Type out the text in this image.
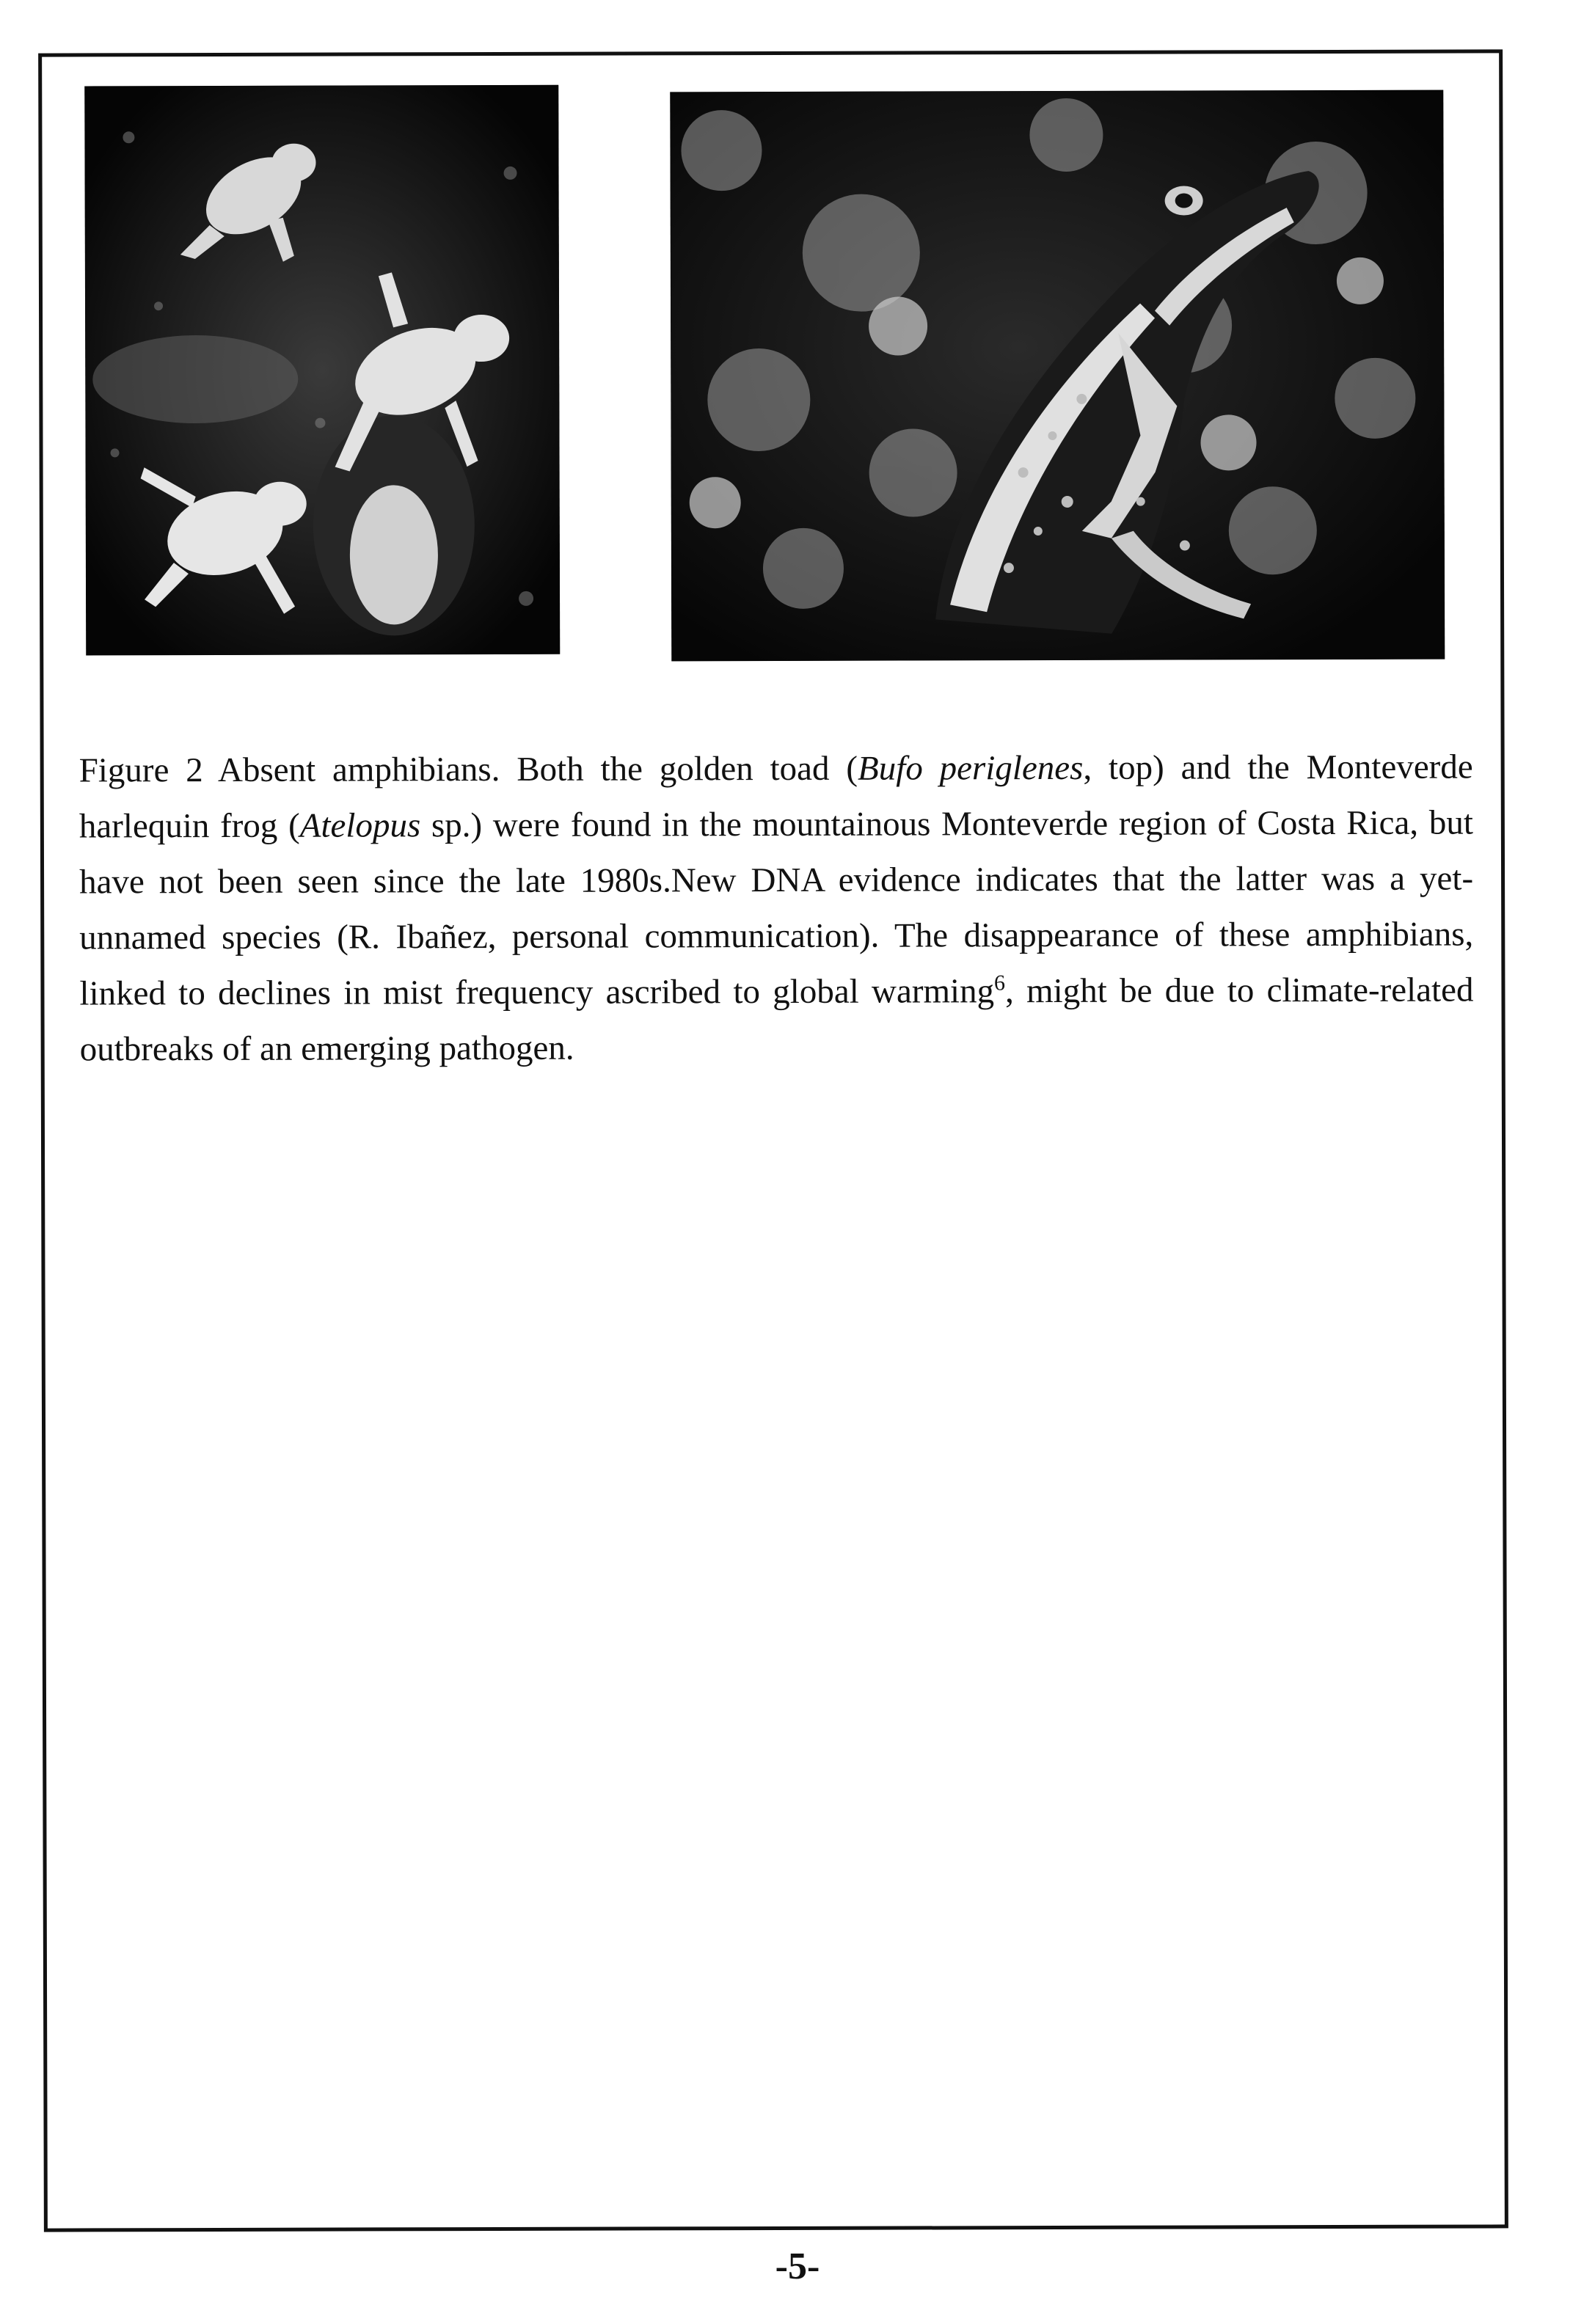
Figure 2 Absent amphibians. Both the golden toad (Bufo periglenes, top) and the Monteverde harlequin frog (Atelopus sp.) were found in the mountainous Monteverde region of Costa Rica, but have not been seen since the late 1980s.New DNA evidence indicates that the latter was a yet-unnamed species (R. Ibañez, personal communication). The disappearance of these amphibians, linked to declines in mist frequency ascribed to global warming$^6$, might be due to climate-related outbreaks of an emerging pathogen.

-5-
